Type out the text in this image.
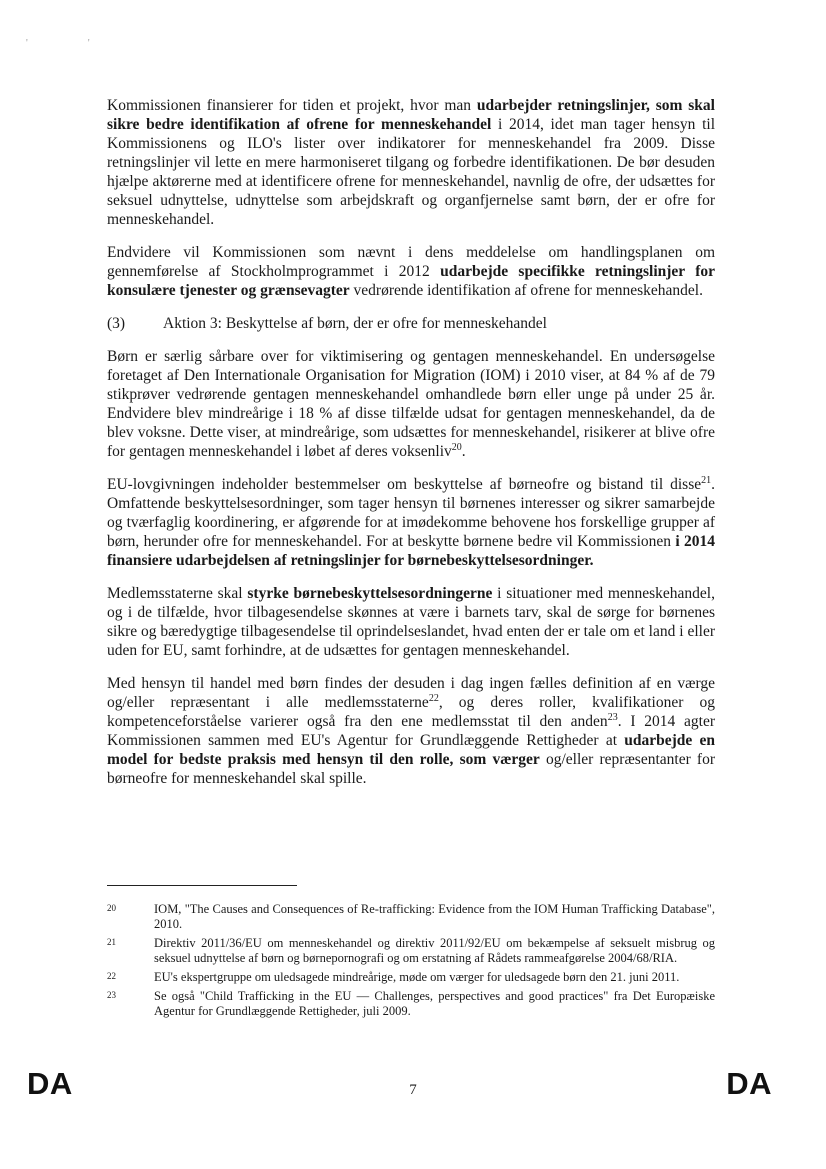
'	'

Kommissionen finansierer for tiden et projekt, hvor man udarbejder retningslinjer, som skal sikre bedre identifikation af ofrene for menneskehandel i 2014, idet man tager hensyn til Kommissionens og ILO's lister over indikatorer for menneskehandel fra 2009. Disse retningslinjer vil lette en mere harmoniseret tilgang og forbedre identifikationen. De bør desuden hjælpe aktørerne med at identificere ofrene for menneskehandel, navnlig de ofre, der udsættes for seksuel udnyttelse, udnyttelse som arbejdskraft og organfjernelse samt børn, der er ofre for menneskehandel.

Endvidere vil Kommissionen som nævnt i dens meddelelse om handlingsplanen om gennemførelse af Stockholmprogrammet i 2012 udarbejde specifikke retningslinjer for konsulære tjenester og grænsevagter vedrørende identifikation af ofrene for menneskehandel.

(3)	Aktion 3: Beskyttelse af børn, der er ofre for menneskehandel

Børn er særlig sårbare over for viktimisering og gentagen menneskehandel. En undersøgelse foretaget af Den Internationale Organisation for Migration (IOM) i 2010 viser, at 84 % af de 79 stikprøver vedrørende gentagen menneskehandel omhandlede børn eller unge på under 25 år. Endvidere blev mindreårige i 18 % af disse tilfælde udsat for gentagen menneskehandel, da de blev voksne. Dette viser, at mindreårige, som udsættes for menneskehandel, risikerer at blive ofre for gentagen menneskehandel i løbet af deres voksenliv$^{20}$.

EU-lovgivningen indeholder bestemmelser om beskyttelse af børneofre og bistand til disse$^{21}$. Omfattende beskyttelsesordninger, som tager hensyn til børnenes interesser og sikrer samarbejde og tværfaglig koordinering, er afgørende for at imødekomme behovene hos forskellige grupper af børn, herunder ofre for menneskehandel. For at beskytte børnene bedre vil Kommissionen i 2014 finansiere udarbejdelsen af retningslinjer for børnebeskyttelsesordninger.

Medlemsstaterne skal styrke børnebeskyttelsesordningerne i situationer med menneskehandel, og i de tilfælde, hvor tilbagesendelse skønnes at være i barnets tarv, skal de sørge for børnenes sikre og bæredygtige tilbagesendelse til oprindelseslandet, hvad enten der er tale om et land i eller uden for EU, samt forhindre, at de udsættes for gentagen menneskehandel.

Med hensyn til handel med børn findes der desuden i dag ingen fælles definition af en værge og/eller repræsentant i alle medlemsstaterne$^{22}$, og deres roller, kvalifikationer og kompetenceforståelse varierer også fra den ene medlemsstat til den anden$^{23}$. I 2014 agter Kommissionen sammen med EU's Agentur for Grundlæggende Rettigheder at udarbejde en model for bedste praksis med hensyn til den rolle, som værger og/eller repræsentanter for børneofre for menneskehandel skal spille.

20	IOM, "The Causes and Consequences of Re-trafficking: Evidence from the IOM Human Trafficking Database", 2010.
21	Direktiv 2011/36/EU om menneskehandel og direktiv 2011/92/EU om bekæmpelse af seksuelt misbrug og seksuel udnyttelse af børn og børnepornografi og om erstatning af Rådets rammeafgørelse 2004/68/RIA.
22	EU's ekspertgruppe om uledsagede mindreårige, møde om værger for uledsagede børn den 21. juni 2011.
23	Se også "Child Trafficking in the EU — Challenges, perspectives and good practices" fra Det Europæiske Agentur for Grundlæggende Rettigheder, juli 2009.
DA	7	DA
